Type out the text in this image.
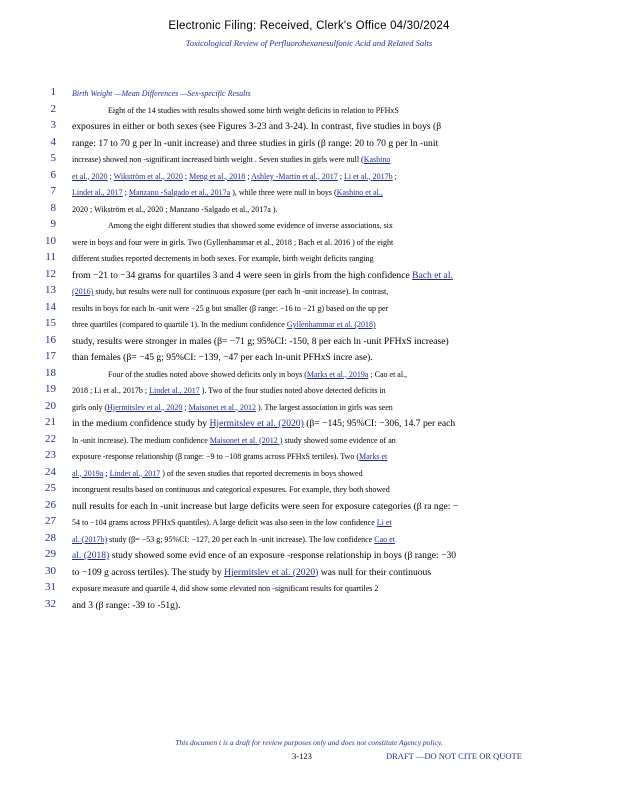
Electronic Filing: Received, Clerk's Office 04/30/2024
Toxicological Review of Perfluorohexanesulfonic Acid and Related Salts
1 Birth Weight —Mean Differences —Sex-specific Results
2	Eight of the 14 studies with results showed some birth weight deficits in relation to PFHxS
3 exposures in either or both sexes (see Figures 3-23 and 3-24). In contrast, five studies in boys (β
4 range: 17 to 70 g per ln -unit increase) and three studies in girls (β range: 20 to 70 g per ln -unit
5 increase) showed non -significant increased birth weight . Seven studies in girls were null (Kashino
6 et al., 2020 ; Wikström et al., 2020 ; Meng et al., 2018 ; Ashley -Martin et al., 2017 ; Li et al., 2017b ;
7 Lindet al., 2017 ; Manzano -Salgado et al., 2017a ), while three were null in boys (Kashino et al.,
8 2020 ; Wikström et al., 2020 ; Manzano -Salgado et al., 2017a ).
9	Among the eight different studies that showed some evidence of inverse associations, six
10 were in boys and four were in girls. Two (Gyllenhammar et al., 2018 ; Bach et al. 2016 ) of the eight
11 different studies reported decrements in both sexes. For example, birth weight deficits ranging
12 from −21 to −34 grams for quartiles 3 and 4 were seen in girls from the high confidence Bach et al.
13 (2016) study, but results were null for continuous exposure (per each ln -unit increase). In contrast,
14 results in boys for each ln -unit were −25 g but smaller (β range: −16 to −21 g) based on the up per
15 three quartiles (compared to quartile 1). In the medium confidence Gyllenhammar et al. (2018)
16 study, results were stronger in males (β= −71 g; 95%CI: -150, 8 per each ln -unit PFHxS increase)
17 than females (β= −45 g; 95%CI: −139, −47 per each ln-unit PFHxS incre ase).
18	Four of the studies noted above showed deficits only in boys (Marks et al., 2019a ; Cao et al.,
19 2018 ; Li et al., 2017b ; Lindet al., 2017 ). Two of the four studies noted above detected deficits in
20 girls only (Hjermitslev et al., 2020 ; Maisonet et al., 2012 ). The largest association in girls was seen
21 in the medium confidence study by Hjermitslev et al. (2020) (β= −145; 95%CI: −306, 14.7 per each
22 ln -unit increase). The medium confidence Maisonet et al. (2012 ) study showed some evidence of an
23 exposure -response relationship (β range: −9 to −108 grams across PFHxS tertiles). Two (Marks et
24 al., 2019a ; Lindet al., 2017 ) of the seven studies that reported decrements in boys showed
25 incongruent results based on continuous and categorical exposures. For example, they both showed
26 null results for each ln -unit increase but large deficits were seen for exposure categories (β ra nge: −
27 54 to −104 grams across PFHxS quantiles). A large deficit was also seen in the low confidence Li et
28 al. (2017b) study (β= −53 g; 95%CI: −127, 20 per each ln -unit increase). The low confidence Cao et
29 al. (2018) study showed some evid ence of an exposure -response relationship in boys (β range: −30
30 to −109 g across tertiles). The study by Hjermitslev et al. (2020) was null for their continuous
31 exposure measure and quartile 4, did show some elevated non -significant results for quartiles 2
32 and 3 (β range: -39 to -51g).
This documen t is a draft for review purposes only and does not constitute Agency policy.
3-123	DRAFT —DO NOT CITE OR QUOTE
